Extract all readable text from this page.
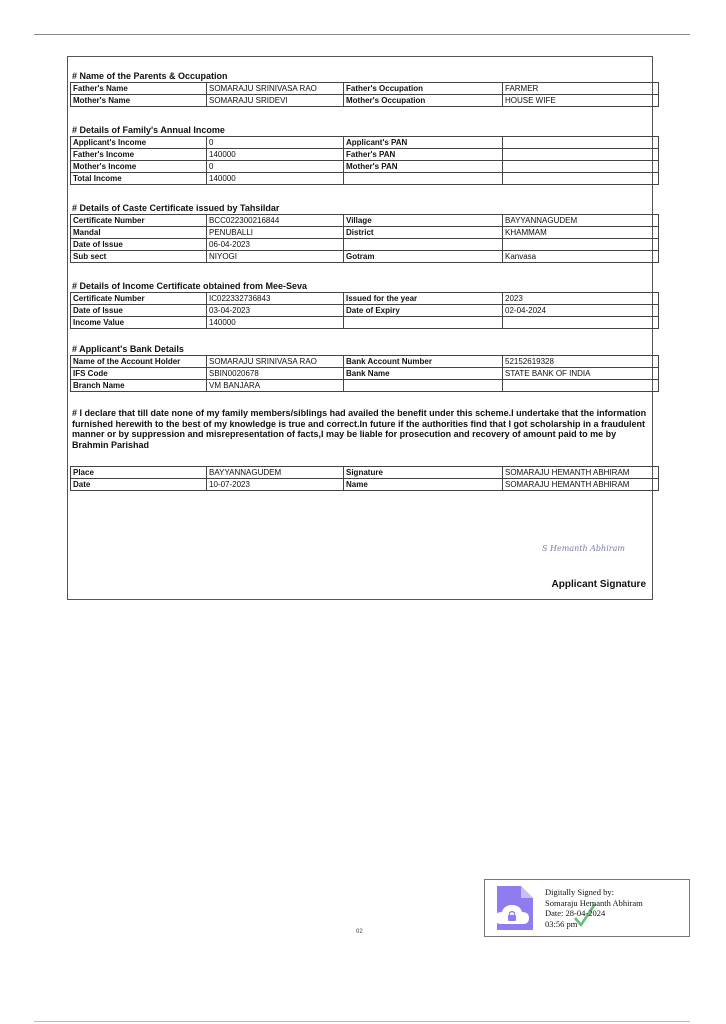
# Name of the Parents & Occupation
Father's Name	SOMARAJU SRINIVASA RAO	Father's Occupation	FARMER
Mother's Name	SOMARAJU SRIDEVI	Mother's Occupation	HOUSE WIFE
# Details of Family's Annual Income
Applicant's Income	0	Applicant's PAN	
Father's Income	140000	Father's PAN	
Mother's Income	0	Mother's PAN	
Total Income	140000		
# Details of Caste Certificate issued by Tahsildar
Certificate Number	BCC022300216844	Village	BAYYANNAGUDEM
Mandal	PENUBALLI	District	KHAMMAM
Date of Issue	06-04-2023		
Sub sect	NIYOGI	Gotram	Kanvasa
# Details of Income Certificate obtained from Mee-Seva
Certificate Number	IC022332736843	Issued for the year	2023
Date of Issue	03-04-2023	Date of Expiry	02-04-2024
Income Value	140000		
# Applicant's Bank Details
Name of the Account Holder	SOMARAJU SRINIVASA RAO	Bank Account Number	52152619328
IFS Code	SBIN0020678	Bank Name	STATE BANK OF INDIA
Branch Name	VM BANJARA		
# I declare that till date none of my family members/siblings had availed the benefit under this scheme.I undertake that the information furnished herewith to the best of my knowledge is true and correct.In future if the authorities find that I got scholarship in a fraudulent manner or by suppression and misrepresentation of facts,I may be liable for prosecution and recovery of amount paid to me by Brahmin Parishad
Place	BAYYANNAGUDEM	Signature	SOMARAJU HEMANTH ABHIRAM
Date	10-07-2023	Name	SOMARAJU HEMANTH ABHIRAM
S Hemanth Abhiram
Applicant Signature
02
Digitally Signed by:
Somaraju Hemanth Abhiram
Date: 28-04-2024
03:56 pm
